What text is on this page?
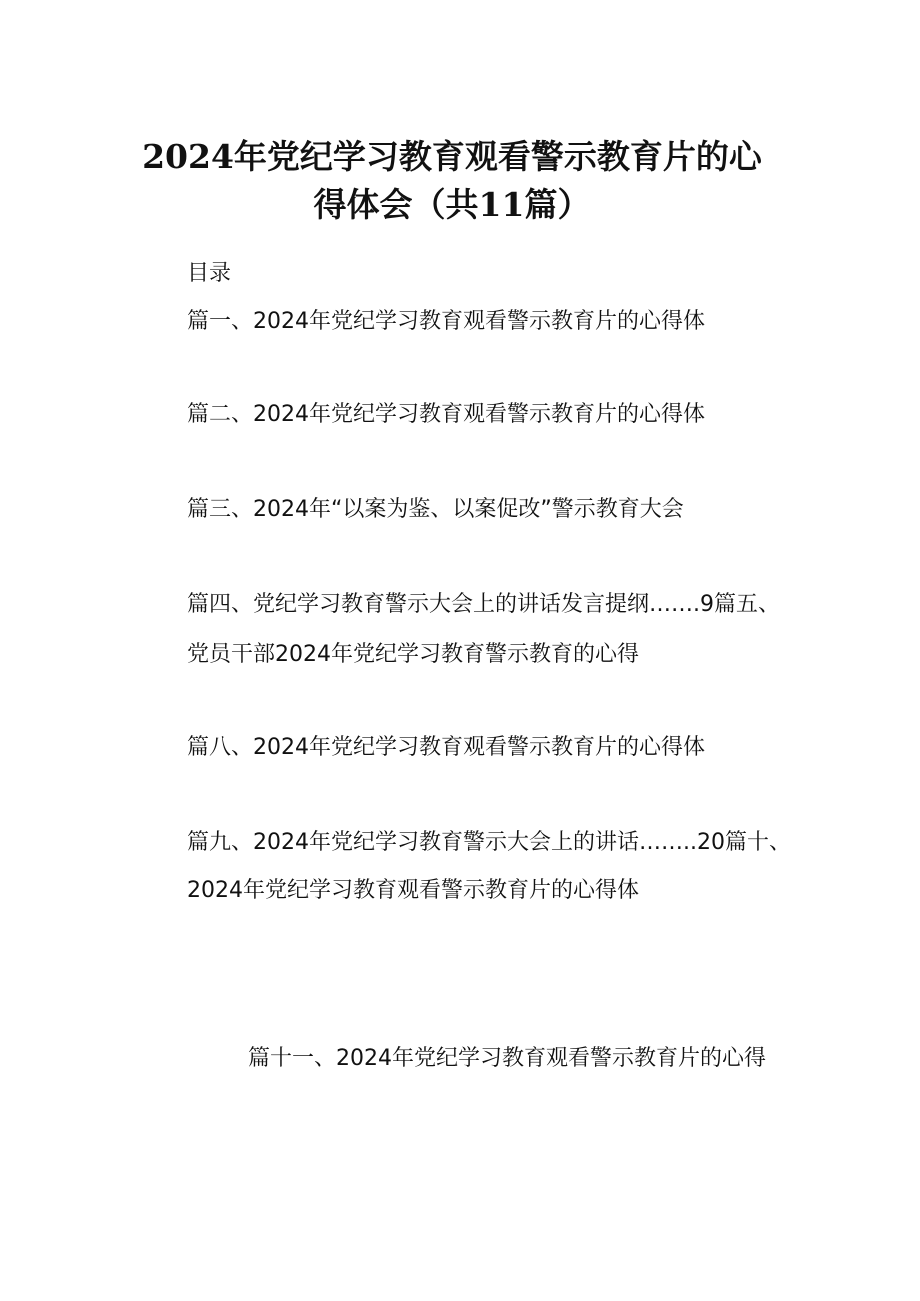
2024年党纪学习教育观看警示教育片的心
得体会（共11篇）
目录
篇一、2024年党纪学习教育观看警示教育片的心得体
篇二、2024年党纪学习教育观看警示教育片的心得体
篇三、2024年“以案为鉴、以案促改”警示教育大会
篇四、党纪学习教育警示大会上的讲话发言提纲…….9篇五、
党员干部2024年党纪学习教育警示教育的心得
篇八、2024年党纪学习教育观看警示教育片的心得体
篇九、2024年党纪学习教育警示大会上的讲话……..20篇十、
2024年党纪学习教育观看警示教育片的心得体
篇十一、2024年党纪学习教育观看警示教育片的心得
